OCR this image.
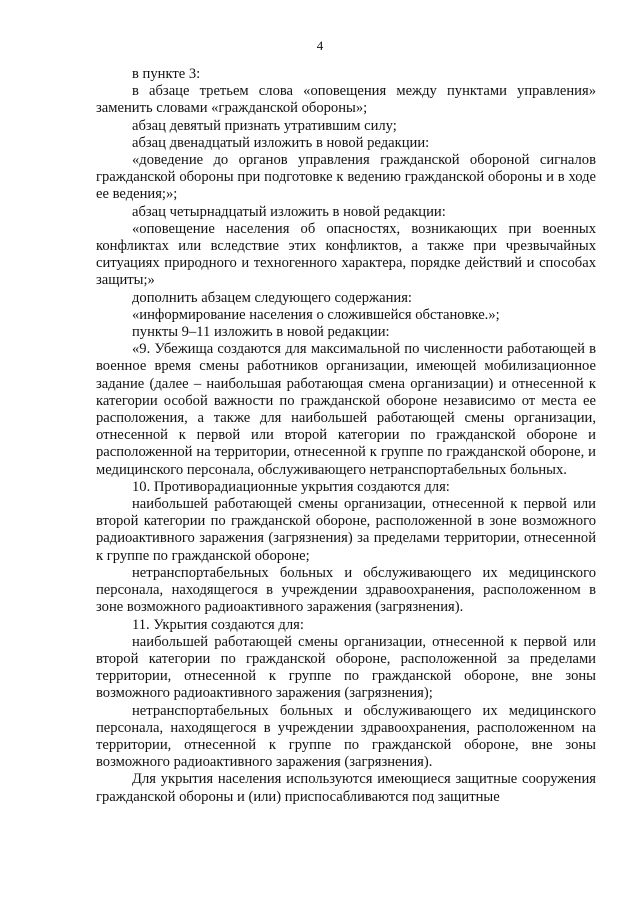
4

в пункте 3:

в абзаце третьем слова «оповещения между пунктами управления» заменить словами «гражданской обороны»;

абзац девятый признать утратившим силу;

абзац двенадцатый изложить в новой редакции:

«доведение до органов управления гражданской обороной сигналов гражданской обороны при подготовке к ведению гражданской обороны и в ходе ее ведения;»;

абзац четырнадцатый изложить в новой редакции:

«оповещение населения об опасностях, возникающих при военных конфликтах или вследствие этих конфликтов, а также при чрезвычайных ситуациях природного и техногенного характера, порядке действий и способах защиты;»

дополнить абзацем следующего содержания:

«информирование населения о сложившейся обстановке.»;

пункты 9–11 изложить в новой редакции:

«9. Убежища создаются для максимальной по численности работающей в военное время смены работников организации, имеющей мобилизационное задание (далее – наибольшая работающая смена организации) и отнесенной к категории особой важности по гражданской обороне независимо от места ее расположения, а также для наибольшей работающей смены организации, отнесенной к первой или второй категории по гражданской обороне и расположенной на территории, отнесенной к группе по гражданской обороне, и медицинского персонала, обслуживающего нетранспортабельных больных.

10. Противорадиационные укрытия создаются для:

наибольшей работающей смены организации, отнесенной к первой или второй категории по гражданской обороне, расположенной в зоне возможного радиоактивного заражения (загрязнения) за пределами территории, отнесенной к группе по гражданской обороне;

нетранспортабельных больных и обслуживающего их медицинского персонала, находящегося в учреждении здравоохранения, расположенном в зоне возможного радиоактивного заражения (загрязнения).

11. Укрытия создаются для:

наибольшей работающей смены организации, отнесенной к первой или второй категории по гражданской обороне, расположенной за пределами территории, отнесенной к группе по гражданской обороне, вне зоны возможного радиоактивного заражения (загрязнения);

нетранспортабельных больных и обслуживающего их медицинского персонала, находящегося в учреждении здравоохранения, расположенном на территории, отнесенной к группе по гражданской обороне, вне зоны возможного радиоактивного заражения (загрязнения).

Для укрытия населения используются имеющиеся защитные сооружения гражданской обороны и (или) приспосабливаются под защитные
